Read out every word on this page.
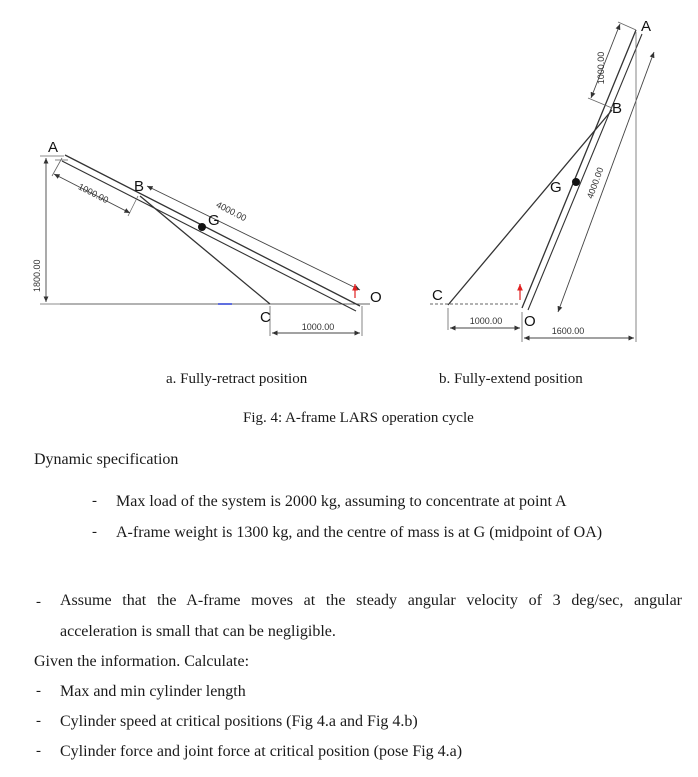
1000.00
4000.00
1800.00
1000.00
A
B
G
C
O
1000.00
4000.00
1600.00
1000.00
A
B
G
C
O
a. Fully-retract position	b. Fully-extend position
Fig. 4: A-frame LARS operation cycle
Dynamic specification
- Max load of the system is 2000 kg, assuming to concentrate at point A
- A-frame weight is 1300 kg, and the centre of mass is at G (midpoint of OA)
- Assume that the A-frame moves at the steady angular velocity of 3 deg/sec, angular
acceleration is small that can be negligible.
Given the information. Calculate:
- Max and min cylinder length
- Cylinder speed at critical positions (Fig 4.a and Fig 4.b)
- Cylinder force and joint force at critical position (pose Fig 4.a)
